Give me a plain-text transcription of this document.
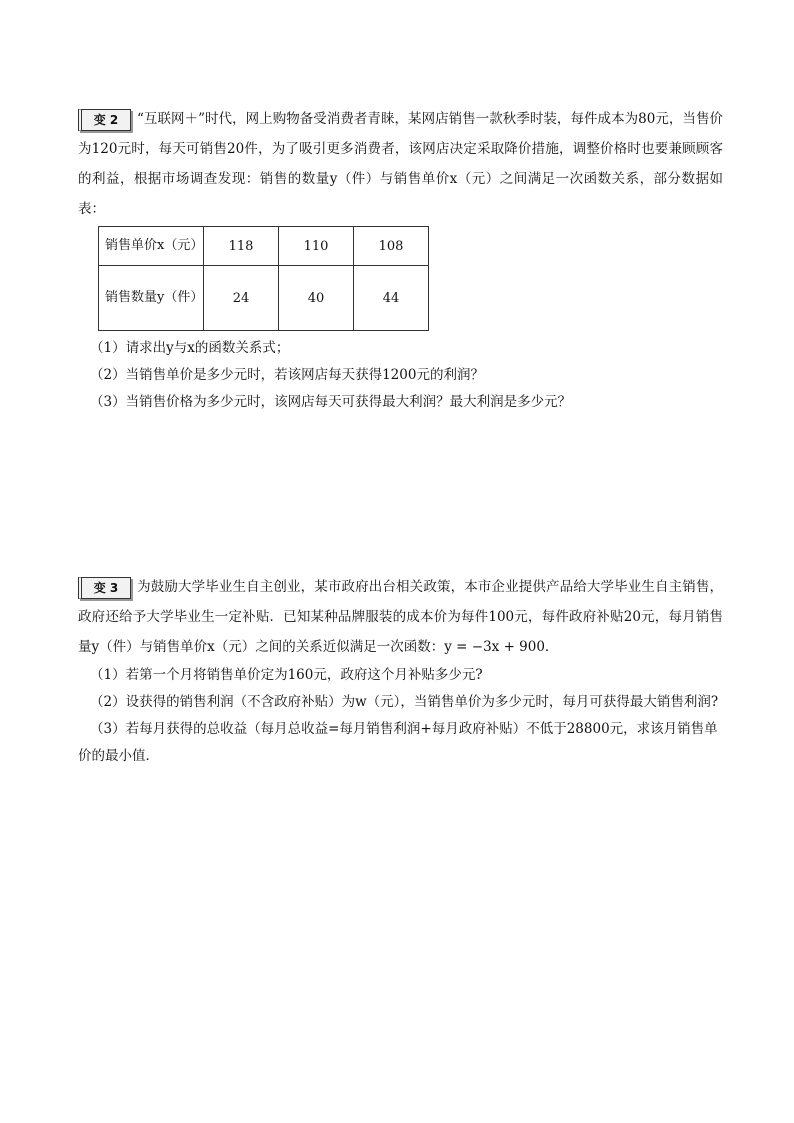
变 2 “互联网＋”时代，网上购物备受消费者青睐，某网店销售一款秋季时装，每件成本为80元，当售价为120元时，每天可销售20件，为了吸引更多消费者，该网店决定采取降价措施，调整价格时也要兼顾顾客的利益，根据市场调查发现：销售的数量y（件）与销售单价x（元）之间满足一次函数关系，部分数据如表：

销售单价x（元）	118	110	108
销售数量y（件）	24	40	44

（1）请求出y与x的函数关系式；

（2）当销售单价是多少元时，若该网店每天获得1200元的利润？

（3）当销售价格为多少元时，该网店每天可获得最大利润？最大利润是多少元？

变 3 为鼓励大学毕业生自主创业，某市政府出台相关政策，本市企业提供产品给大学毕业生自主销售，政府还给予大学毕业生一定补贴．已知某种品牌服装的成本价为每件100元，每件政府补贴20元，每月销售量y（件）与销售单价x（元）之间的关系近似满足一次函数：y = −3x + 900．

（1）若第一个月将销售单价定为160元，政府这个月补贴多少元?

（2）设获得的销售利润（不含政府补贴）为w（元），当销售单价为多少元时，每月可获得最大销售利润?

（3）若每月获得的总收益（每月总收益=每月销售利润+每月政府补贴）不低于28800元，求该月销售单价的最小值．
